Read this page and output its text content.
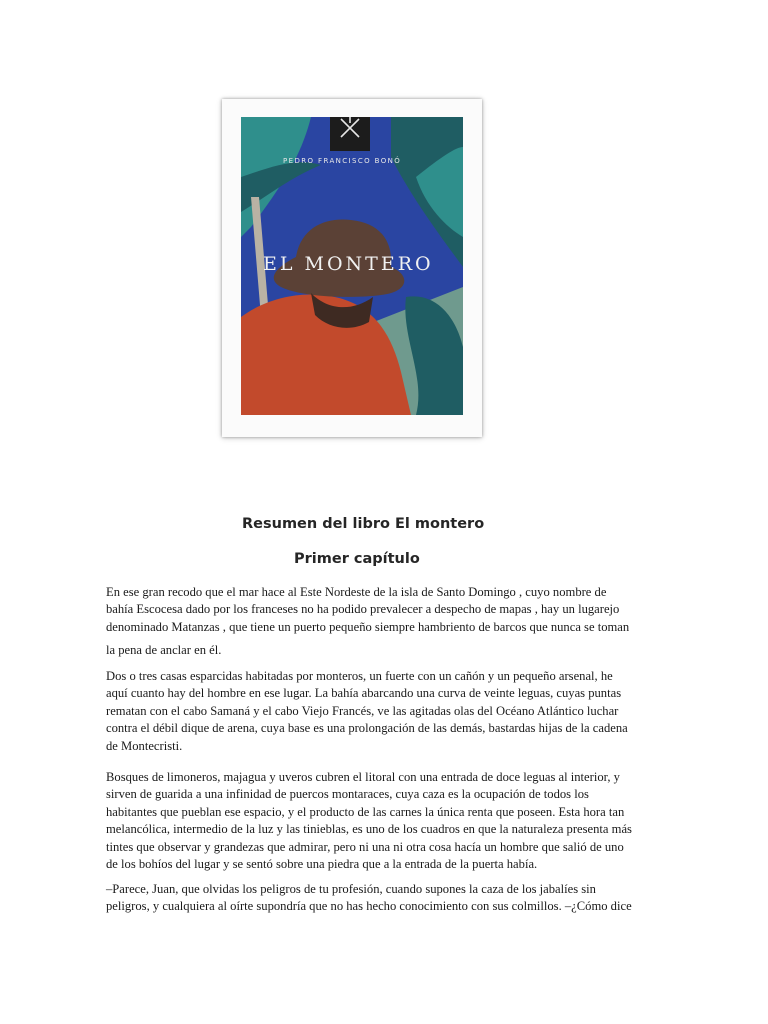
PEDRO FRANCISCO BONÓ
EL MONTERO
Resumen del libro El montero
Primer capítulo
En ese gran recodo que el mar hace al Este Nordeste de la isla de Santo Domingo , cuyo nombre de
bahía Escocesa dado por los franceses no ha podido prevalecer a despecho de mapas , hay un lugarejo
denominado Matanzas , que tiene un puerto pequeño siempre hambriento de barcos que nunca se toman
la pena de anclar en él.
Dos o tres casas esparcidas habitadas por monteros, un fuerte con un cañón y un pequeño arsenal, he
aquí cuanto hay del hombre en ese lugar. La bahía abarcando una curva de veinte leguas, cuyas puntas
rematan con el cabo Samaná y el cabo Viejo Francés, ve las agitadas olas del Océano Atlántico luchar
contra el débil dique de arena, cuya base es una prolongación de las demás, bastardas hijas de la cadena
de Montecristi.
Bosques de limoneros, majagua y uveros cubren el litoral con una entrada de doce leguas al interior, y
sirven de guarida a una infinidad de puercos montaraces, cuya caza es la ocupación de todos los
habitantes que pueblan ese espacio, y el producto de las carnes la única renta que poseen. Esta hora tan
melancólica, intermedio de la luz y las tinieblas, es uno de los cuadros en que la naturaleza presenta más
tintes que observar y grandezas que admirar, pero ni una ni otra cosa hacía un hombre que salió de uno
de los bohíos del lugar y se sentó sobre una piedra que a la entrada de la puerta había.
–Parece, Juan, que olvidas los peligros de tu profesión, cuando supones la caza de los jabalíes sin
peligros, y cualquiera al oírte supondría que no has hecho conocimiento con sus colmillos. –¿Cómo dice
